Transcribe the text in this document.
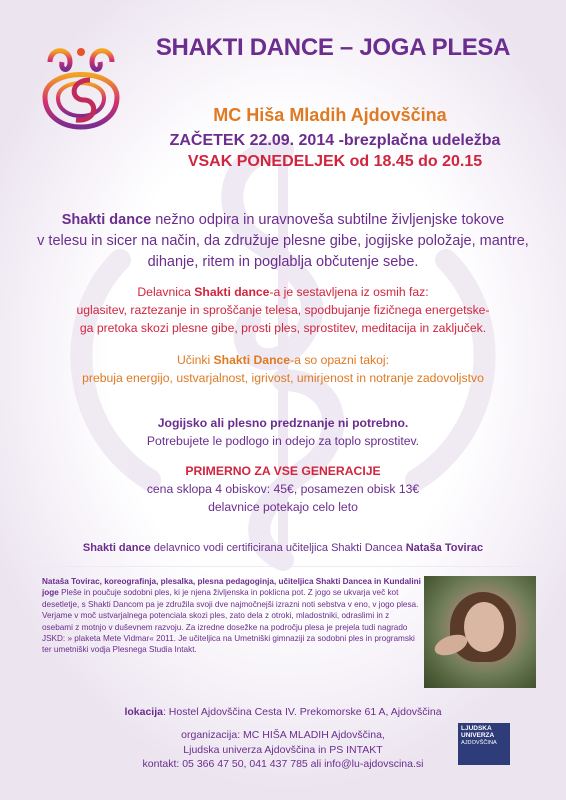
SHAKTI DANCE – JOGA PLESA
MC Hiša Mladih Ajdovščina
ZAČETEK 22.09. 2014 -brezplačna udeležba
VSAK PONEDELJEK od 18.45 do 20.15
Shakti dance nežno odpira in uravnoveša subtilne življenjske tokove
v telesu in sicer na način, da združuje plesne gibe, jogijske položaje, mantre,
dihanje, ritem in poglablja občutenje sebe.
Delavnica Shakti dance-a je sestavljena iz osmih faz:
uglasitev, raztezanje in sproščanje telesa, spodbujanje fizičnega energetske-
ga pretoka skozi plesne gibe, prosti ples, sprostitev, meditacija in zaključek.
Učinki Shakti Dance-a so opazni takoj:
prebuja energijo, ustvarjalnost, igrivost, umirjenost in notranje zadovoljstvo
Jogijsko ali plesno predznanje ni potrebno.
Potrebujete le podlogo in odejo za toplo sprostitev.
PRIMERNO ZA VSE GENERACIJE
cena sklopa 4 obiskov: 45€, posamezen obisk 13€
delavnice potekajo celo leto
Shakti dance delavnico vodi certificirana učiteljica Shakti Dancea Nataša Tovirac
Nataša Tovirac, koreografinja, plesalka, plesna pedagoginja, učiteljica Shakti Dancea in Kundalini joge Pleše in poučuje sodobni ples, ki je njena življenska in poklicna pot. Z jogo se ukvarja več kot desetletje, s Shakti Dancom pa je združila svoji dve najmočnejši izrazni noti sebstva v eno, v jogo plesa. Verjame v moč ustvarjalnega potenciala skozi ples, zato dela z otroki, mladostniki, odraslimi in z osebami z motnjo v duševnem razvoju. Za izredne dosežke na področju plesa je prejela tudi nagrado JSKD: » plaketa Mete Vidmar« 2011. Je učiteljica na Umetniški gimnaziji za sodobni ples in programski ter umetniški vodja Plesnega Studia Intakt.
lokacija: Hostel Ajdovščina Cesta IV. Prekomorske 61 A, Ajdovščina
organizacija: MC HIŠA MLADIH Ajdovščina,
Ljudska univerza Ajdovščina in PS INTAKT
kontakt: 05 366 47 50, 041 437 785 ali info@lu-ajdovscina.si
LJUDSKA
UNIVERZA
AJDOVŠČINA
